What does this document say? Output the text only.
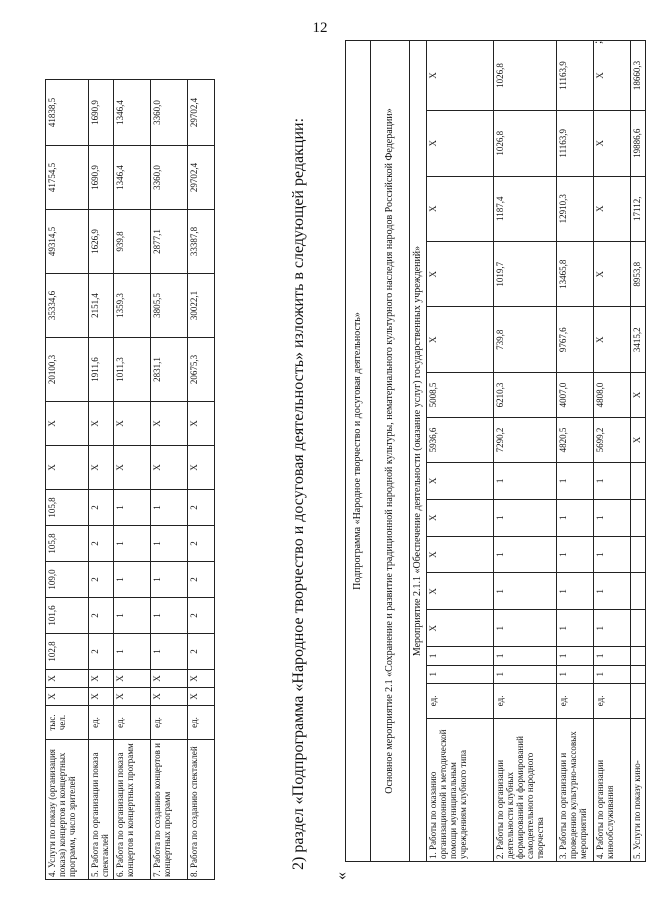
12
4. Услуги по показу (организация показа) концертов и концертных программ, число зрителей	тыс. чел.	X	X	102,8	101,6	109,0	105,8	105,8	X	X	20100,3	35334,6	49314,5	41754,5	41838,5
5. Работа по организации показа спектаклей	ед.	X	X	2	2	2	2	2	X	X	1911,6	2151,4	1626,9	1690,9	1690,9
6. Работа по организации показа концертов и концертных программ	ед.	X	X	1	1	1	1	1	X	X	1011,3	1359,3	939,8	1346,4	1346,4
7. Работа по созданию концертов и концертных программ	ед.	X	X	1	1	1	1	1	X	X	2831,1	3805,5	2877,1	3360,0	3360,0
8. Работа по созданию спектаклей	ед.	X	X	2	2	2	2	2	X	X	20675,3	30022,1	33387,8	29702,4	29702,4
2) раздел «Подпрограмма «Народное творчество и досуговая деятельность» изложить в следующей редакции:
«
Подпрограмма «Народное творчество и досуговая деятельность»															
Основное мероприятие 2.1 «Сохранение и развитие традиционной народной культуры, нематериального культурного наследия народов Российской Федерации»															
Мероприятие 2.1.1 «Обеспечение деятельности (оказание услуг) государственных учреждений»															
1. Работы по оказанию организационной и методической помощи муниципальным учреждениям клубного типа	ед.	1	1	X	X	X	X	X	5936,6	5008,5	X	X	X	X	X
2. Работы по организации деятельности клубных формирований и формирований самодеятельного народного творчества	ед.	1	1	1	1	1	1	1	7290,2	6210,3	739,8	1019,7	1187,4	1026,8	1026,8
3. Работы по организации и проведению культурно-массовых мероприятий	ед.	1	1	1	1	1	1	1	4820,5	4007,0	9767,6	13465,8	12910,3	11163,9	11163,9
4. Работы по организации кинообслуживания	ед.	1	1	1	1	1	1	1	5699,2	4808,0	X	X	X	X	X
5. Услуги по показу кино-									X	X	3415,2	8953,8	17112,	19886,6	18660,3
;
